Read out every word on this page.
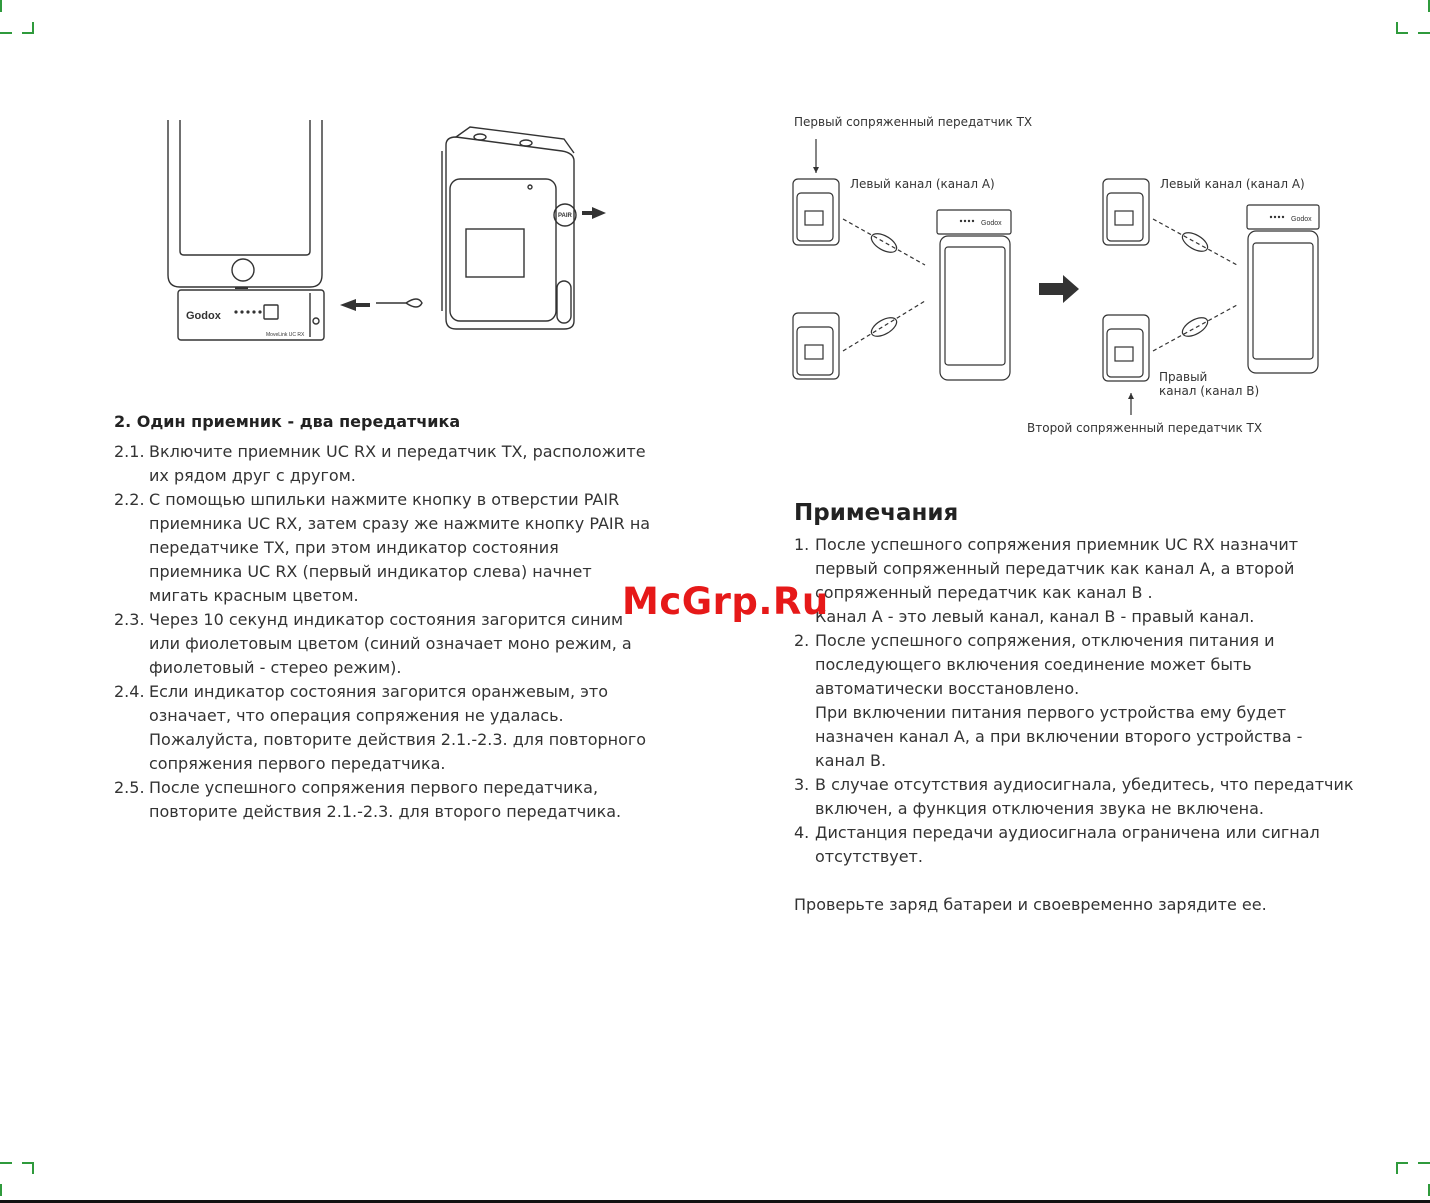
Godox
MoveLink UC RX
PAIR
Godox
Godox
Первый сопряженный передатчик TX
Левый канал (канал A)	Левый канал (канал A)
Правый
канал (канал B)
Второй сопряженный передатчик TX
2. Один приемник - два передатчика
2.1. Включите приемник UC RX и передатчик TX, расположите их рядом друг с другом.
2.2. С помощью шпильки нажмите кнопку в отверстии PAIR приемника UC RX, затем сразу же нажмите кнопку PAIR на передатчике TX, при этом индикатор состояния приемника UC RX (первый индикатор слева) начнет мигать красным цветом.
2.3. Через 10 секунд индикатор состояния загорится синим или фиолетовым цветом (синий означает моно режим, а фиолетовый - стерео режим).
2.4. Если индикатор состояния загорится оранжевым, это означает, что операция сопряжения не удалась. Пожалуйста, повторите действия 2.1.-2.3. для повторного сопряжения первого передатчика.
2.5. После успешного сопряжения первого передатчика, повторите действия 2.1.-2.3. для второго передатчика.
Примечания
1. После успешного сопряжения приемник UC RX назначит первый сопряженный передатчик как канал A, а второй сопряженный передатчик как канал B .

Канал A - это левый канал, канал B - правый канал.

2. После успешного сопряжения, отключения питания и последующего включения соединение может быть автоматически восстановлено.

При включении питания первого устройства ему будет назначен канал A, а при включении второго устройства - канал B.

3. В случае отсутствия аудиосигнала, убедитесь, что передатчик включен, а функция отключения звука не включена.

4. Дистанция передачи аудиосигнала ограничена или сигнал отсутствует.

Проверьте заряд батареи и своевременно зарядите ее.

McGrp.Ru
